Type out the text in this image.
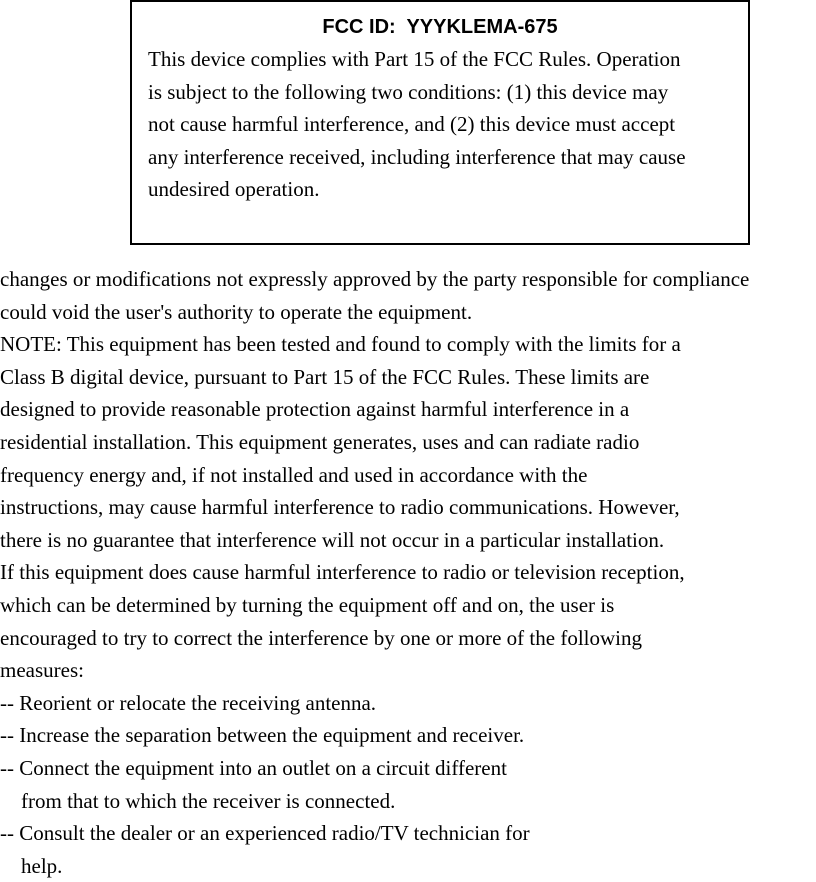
FCC ID:  YYYKLEMA-675
This device complies with Part 15 of the FCC Rules. Operation
is subject to the following two conditions: (1) this device may
not cause harmful interference, and (2) this device must accept
any interference received, including interference that may cause
undesired operation.
changes or modifications not expressly approved by the party responsible for compliance
could void the user's authority to operate the equipment.
NOTE: This equipment has been tested and found to comply with the limits for a
Class B digital device, pursuant to Part 15 of the FCC Rules. These limits are
designed to provide reasonable protection against harmful interference in a
residential installation. This equipment generates, uses and can radiate radio
frequency energy and, if not installed and used in accordance with the
instructions, may cause harmful interference to radio communications. However,
there is no guarantee that interference will not occur in a particular installation.
If this equipment does cause harmful interference to radio or television reception,
which can be determined by turning the equipment off and on, the user is
encouraged to try to correct the interference by one or more of the following
measures:
-- Reorient or relocate the receiving antenna.
-- Increase the separation between the equipment and receiver.
-- Connect the equipment into an outlet on a circuit different
from that to which the receiver is connected.
-- Consult the dealer or an experienced radio/TV technician for
help.
